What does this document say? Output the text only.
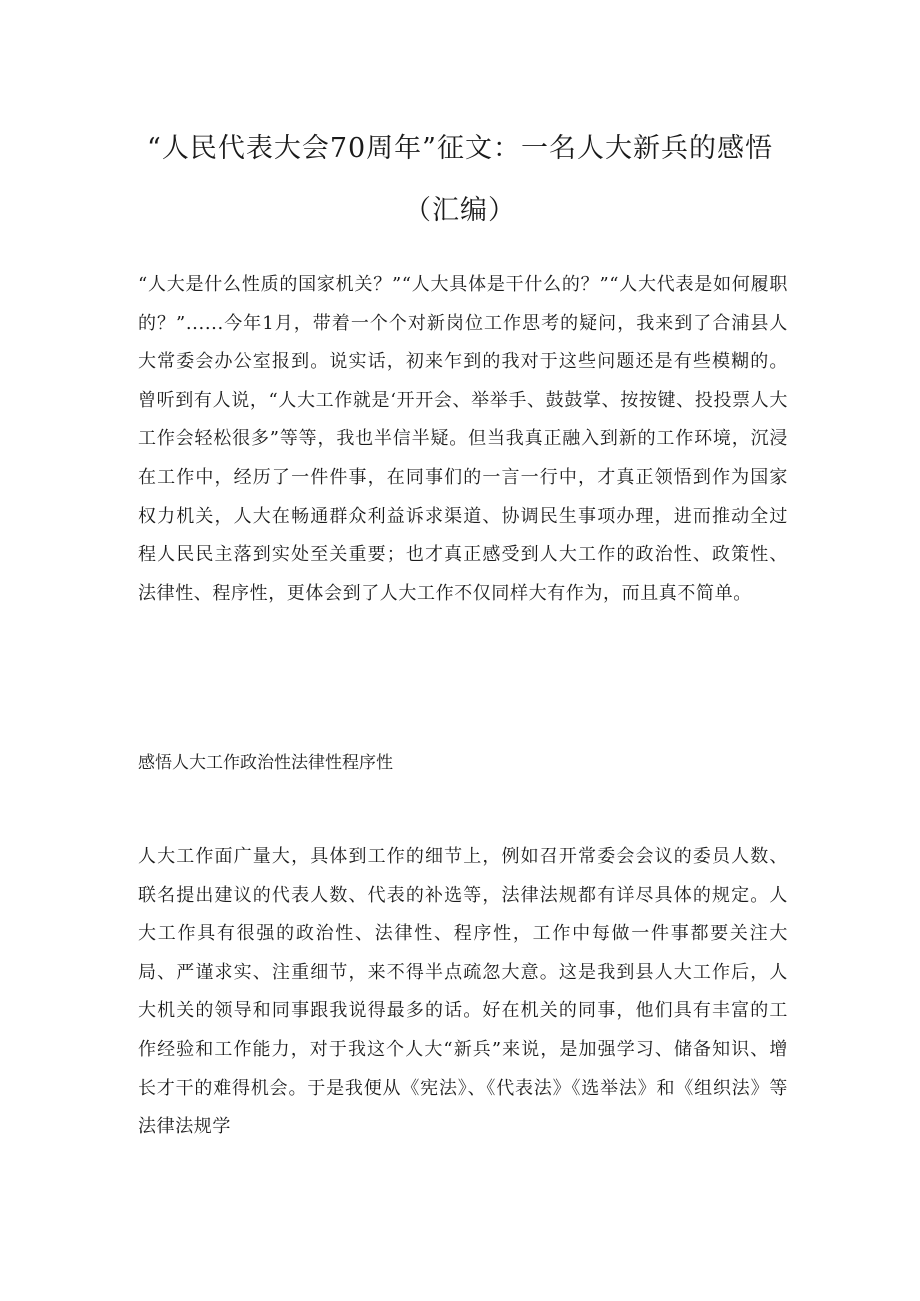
“人民代表大会70周年”征文：一名人大新兵的感悟（汇编）

“人大是什么性质的国家机关？”“人大具体是干什么的？”“人大代表是如何履职的？”......今年1月，带着一个个对新岗位工作思考的疑问，我来到了合浦县人大常委会办公室报到。说实话，初来乍到的我对于这些问题还是有些模糊的。曾听到有人说，“人大工作就是‘开开会、举举手、鼓鼓掌、按按键、投投票人大工作会轻松很多”等等，我也半信半疑。但当我真正融入到新的工作环境，沉浸在工作中，经历了一件件事，在同事们的一言一行中，才真正领悟到作为国家权力机关，人大在畅通群众利益诉求渠道、协调民生事项办理，进而推动全过程人民民主落到实处至关重要；也才真正感受到人大工作的政治性、政策性、法律性、程序性，更体会到了人大工作不仅同样大有作为，而且真不简单。

感悟人大工作政治性法律性程序性

人大工作面广量大，具体到工作的细节上，例如召开常委会会议的委员人数、联名提出建议的代表人数、代表的补选等，法律法规都有详尽具体的规定。人大工作具有很强的政治性、法律性、程序性，工作中每做一件事都要关注大局、严谨求实、注重细节，来不得半点疏忽大意。这是我到县人大工作后，人大机关的领导和同事跟我说得最多的话。好在机关的同事，他们具有丰富的工作经验和工作能力，对于我这个人大“新兵”来说，是加强学习、储备知识、增长才干的难得机会。于是我便从《宪法》、《代表法》《选举法》和《组织法》等法律法规学
